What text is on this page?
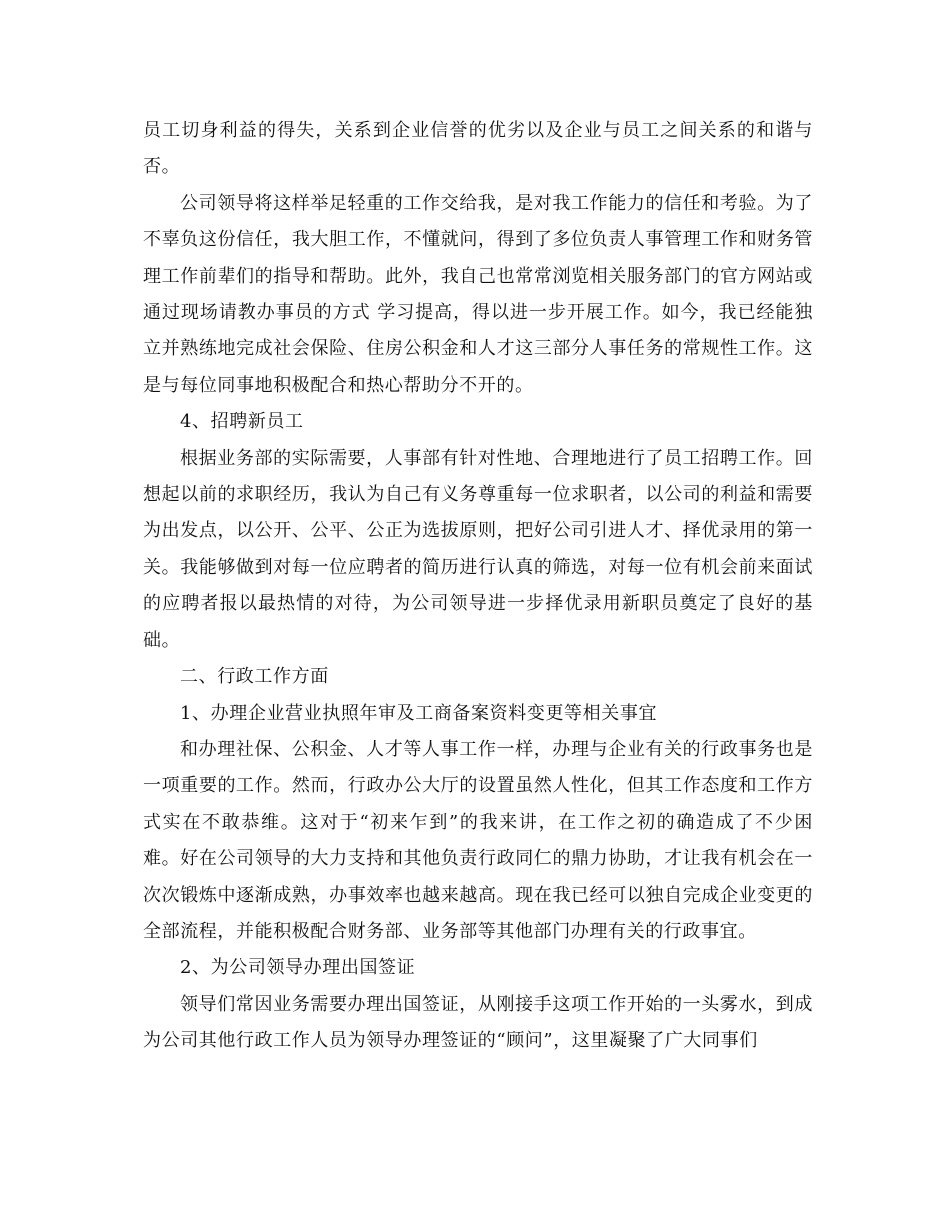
员工切身利益的得失，关系到企业信誉的优劣以及企业与员工之间关系的和谐与否。

公司领导将这样举足轻重的工作交给我，是对我工作能力的信任和考验。为了不辜负这份信任，我大胆工作，不懂就问，得到了多位负责人事管理工作和财务管理工作前辈们的指导和帮助。此外，我自己也常常浏览相关服务部门的官方网站或通过现场请教办事员的方式 学习提高，得以进一步开展工作。如今，我已经能独立并熟练地完成社会保险、住房公积金和人才这三部分人事任务的常规性工作。这是与每位同事地积极配合和热心帮助分不开的。

4、招聘新员工

根据业务部的实际需要，人事部有针对性地、合理地进行了员工招聘工作。回想起以前的求职经历，我认为自己有义务尊重每一位求职者，以公司的利益和需要为出发点，以公开、公平、公正为选拔原则，把好公司引进人才、择优录用的第一关。我能够做到对每一位应聘者的简历进行认真的筛选，对每一位有机会前来面试的应聘者报以最热情的对待，为公司领导进一步择优录用新职员奠定了良好的基础。

二、行政工作方面

1、办理企业营业执照年审及工商备案资料变更等相关事宜

和办理社保、公积金、人才等人事工作一样，办理与企业有关的行政事务也是一项重要的工作。然而，行政办公大厅的设置虽然人性化，但其工作态度和工作方式实在不敢恭维。这对于“初来乍到”的我来讲，在工作之初的确造成了不少困难。好在公司领导的大力支持和其他负责行政同仁的鼎力协助，才让我有机会在一次次锻炼中逐渐成熟，办事效率也越来越高。现在我已经可以独自完成企业变更的全部流程，并能积极配合财务部、业务部等其他部门办理有关的行政事宜。

2、为公司领导办理出国签证

领导们常因业务需要办理出国签证，从刚接手这项工作开始的一头雾水，到成为公司其他行政工作人员为领导办理签证的“顾问”，这里凝聚了广大同事们
